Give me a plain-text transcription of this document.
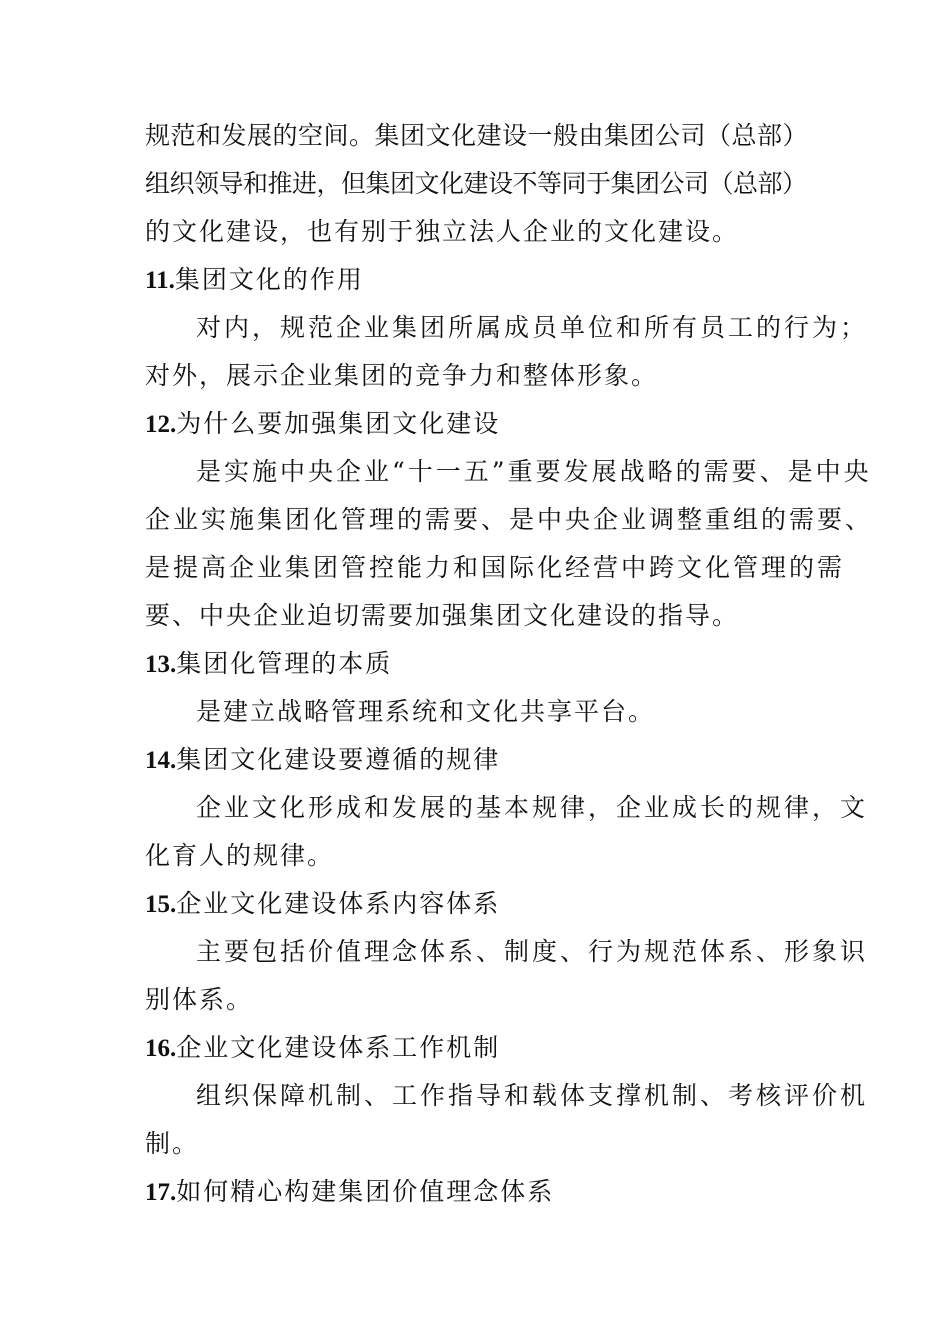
规范和发展的空间。集团文化建设一般由集团公司（总部）
组织领导和推进，但集团文化建设不等同于集团公司（总部）
的文化建设，也有别于独立法人企业的文化建设。
11.集团文化的作用
对内，规范企业集团所属成员单位和所有员工的行为；
对外，展示企业集团的竞争力和整体形象。
12.为什么要加强集团文化建设
是实施中央企业“十一五”重要发展战略的需要、是中央
企业实施集团化管理的需要、是中央企业调整重组的需要、
是提高企业集团管控能力和国际化经营中跨文化管理的需
要、中央企业迫切需要加强集团文化建设的指导。
13.集团化管理的本质
是建立战略管理系统和文化共享平台。
14.集团文化建设要遵循的规律
企业文化形成和发展的基本规律，企业成长的规律，文
化育人的规律。
15.企业文化建设体系内容体系
主要包括价值理念体系、制度、行为规范体系、形象识
别体系。
16.企业文化建设体系工作机制
组织保障机制、工作指导和载体支撑机制、考核评价机
制。
17.如何精心构建集团价值理念体系
